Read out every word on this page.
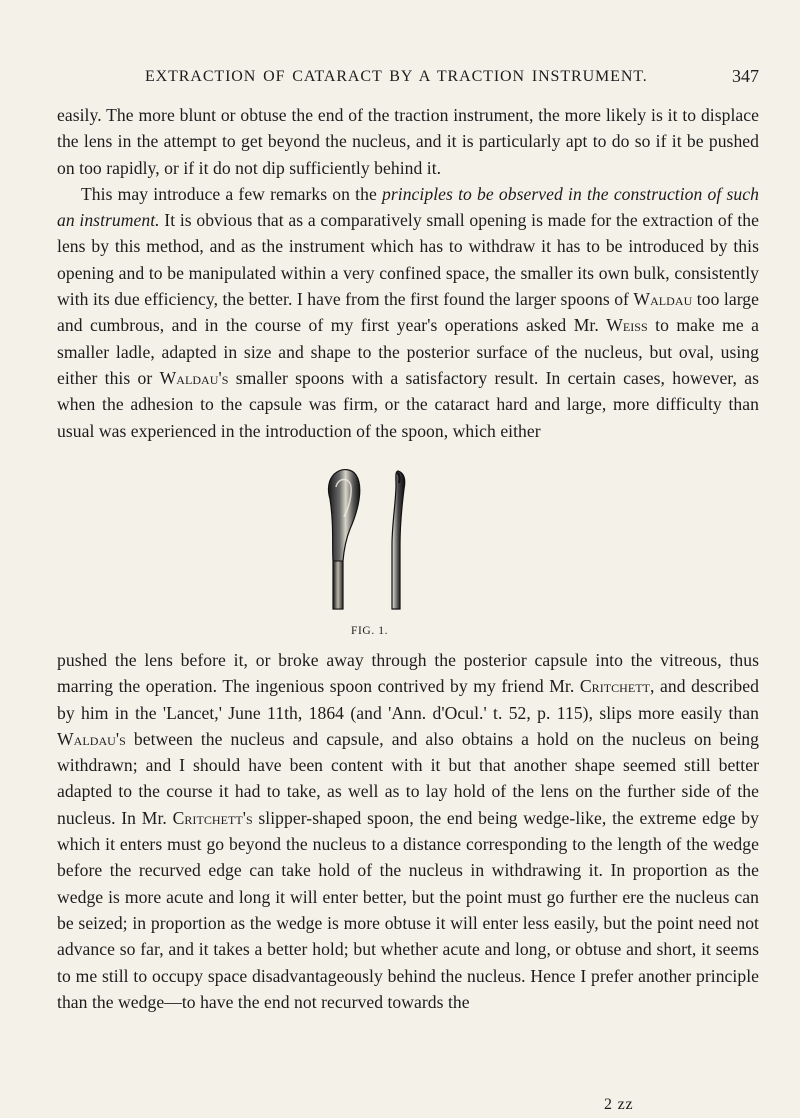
EXTRACTION OF CATARACT BY A TRACTION INSTRUMENT.	347

easily. The more blunt or obtuse the end of the traction instrument, the more likely is it to displace the lens in the attempt to get beyond the nucleus, and it is particularly apt to do so if it be pushed on too rapidly, or if it do not dip sufficiently behind it.

This may introduce a few remarks on the principles to be observed in the construction of such an instrument. It is obvious that as a comparatively small opening is made for the extraction of the lens by this method, and as the instrument which has to withdraw it has to be introduced by this opening and to be manipulated within a very confined space, the smaller its own bulk, consistently with its due efficiency, the better. I have from the first found the larger spoons of Waldau too large and cumbrous, and in the course of my first year's operations asked Mr. Weiss to make me a smaller ladle, adapted in size and shape to the posterior surface of the nucleus, but oval, using either this or Waldau's smaller spoons with a satisfactory result. In certain cases, however, as when the adhesion to the capsule was firm, or the cataract hard and large, more difficulty than usual was experienced in the introduction of the spoon, which either

FIG. 1.

pushed the lens before it, or broke away through the posterior capsule into the vitreous, thus marring the operation. The ingenious spoon contrived by my friend Mr. Critchett, and described by him in the 'Lancet,' June 11th, 1864 (and 'Ann. d'Ocul.' t. 52, p. 115), slips more easily than Waldau's between the nucleus and capsule, and also obtains a hold on the nucleus on being withdrawn; and I should have been content with it but that another shape seemed still better adapted to the course it had to take, as well as to lay hold of the lens on the further side of the nucleus. In Mr. Critchett's slipper-shaped spoon, the end being wedge-like, the extreme edge by which it enters must go beyond the nucleus to a distance corresponding to the length of the wedge before the recurved edge can take hold of the nucleus in withdrawing it. In proportion as the wedge is more acute and long it will enter better, but the point must go further ere the nucleus can be seized; in proportion as the wedge is more obtuse it will enter less easily, but the point need not advance so far, and it takes a better hold; but whether acute and long, or obtuse and short, it seems to me still to occupy space disadvantageously behind the nucleus. Hence I prefer another principle than the wedge—to have the end not recurved towards the

2 zz
